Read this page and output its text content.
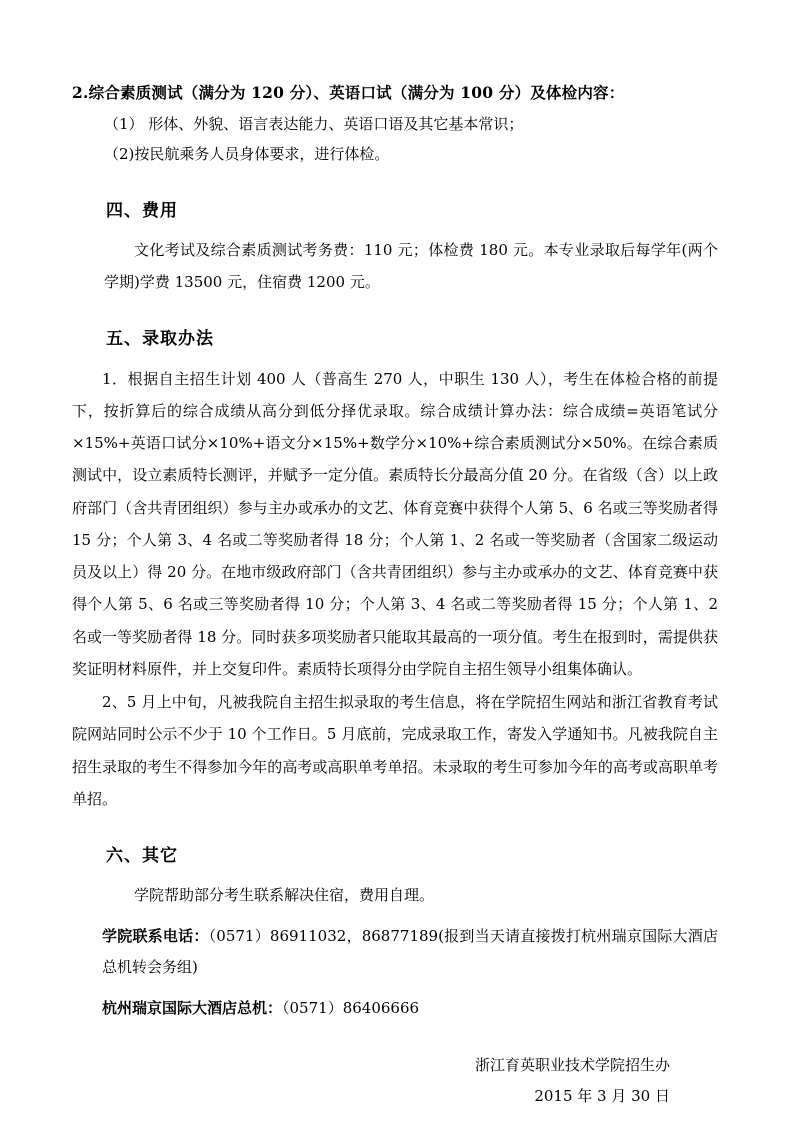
2.综合素质测试（满分为 120 分）、英语口试（满分为 100 分）及体检内容：
（1） 形体、外貌、语言表达能力、英语口语及其它基本常识；
（2)按民航乘务人员身体要求，进行体检。
四、费用
文化考试及综合素质测试考务费：110 元；体检费 180 元。本专业录取后每学年(两个学期)学费 13500 元，住宿费 1200 元。
五、录取办法
1．根据自主招生计划 400 人（普高生 270 人，中职生 130 人），考生在体检合格的前提下，按折算后的综合成绩从高分到低分择优录取。综合成绩计算办法：综合成绩=英语笔试分×15%+英语口试分×10%+语文分×15%+数学分×10%+综合素质测试分×50%。在综合素质测试中，设立素质特长测评，并赋予一定分值。素质特长分最高分值 20 分。在省级（含）以上政府部门（含共青团组织）参与主办或承办的文艺、体育竞赛中获得个人第 5、6 名或三等奖励者得 15 分；个人第 3、4 名或二等奖励者得 18 分；个人第 1、2 名或一等奖励者（含国家二级运动员及以上）得 20 分。在地市级政府部门（含共青团组织）参与主办或承办的文艺、体育竞赛中获得个人第 5、6 名或三等奖励者得 10 分；个人第 3、4 名或二等奖励者得 15 分；个人第 1、2 名或一等奖励者得 18 分。同时获多项奖励者只能取其最高的一项分值。考生在报到时，需提供获奖证明材料原件，并上交复印件。素质特长项得分由学院自主招生领导小组集体确认。
2、5 月上中旬，凡被我院自主招生拟录取的考生信息，将在学院招生网站和浙江省教育考试院网站同时公示不少于 10 个工作日。5 月底前，完成录取工作，寄发入学通知书。凡被我院自主招生录取的考生不得参加今年的高考或高职单考单招。未录取的考生可参加今年的高考或高职单考单招。
六、其它
学院帮助部分考生联系解决住宿，费用自理。
学院联系电话：（0571）86911032，86877189(报到当天请直接拨打杭州瑞京国际大酒店总机转会务组)
杭州瑞京国际大酒店总机：（0571）86406666
浙江育英职业技术学院招生办
2015 年 3 月 30 日
